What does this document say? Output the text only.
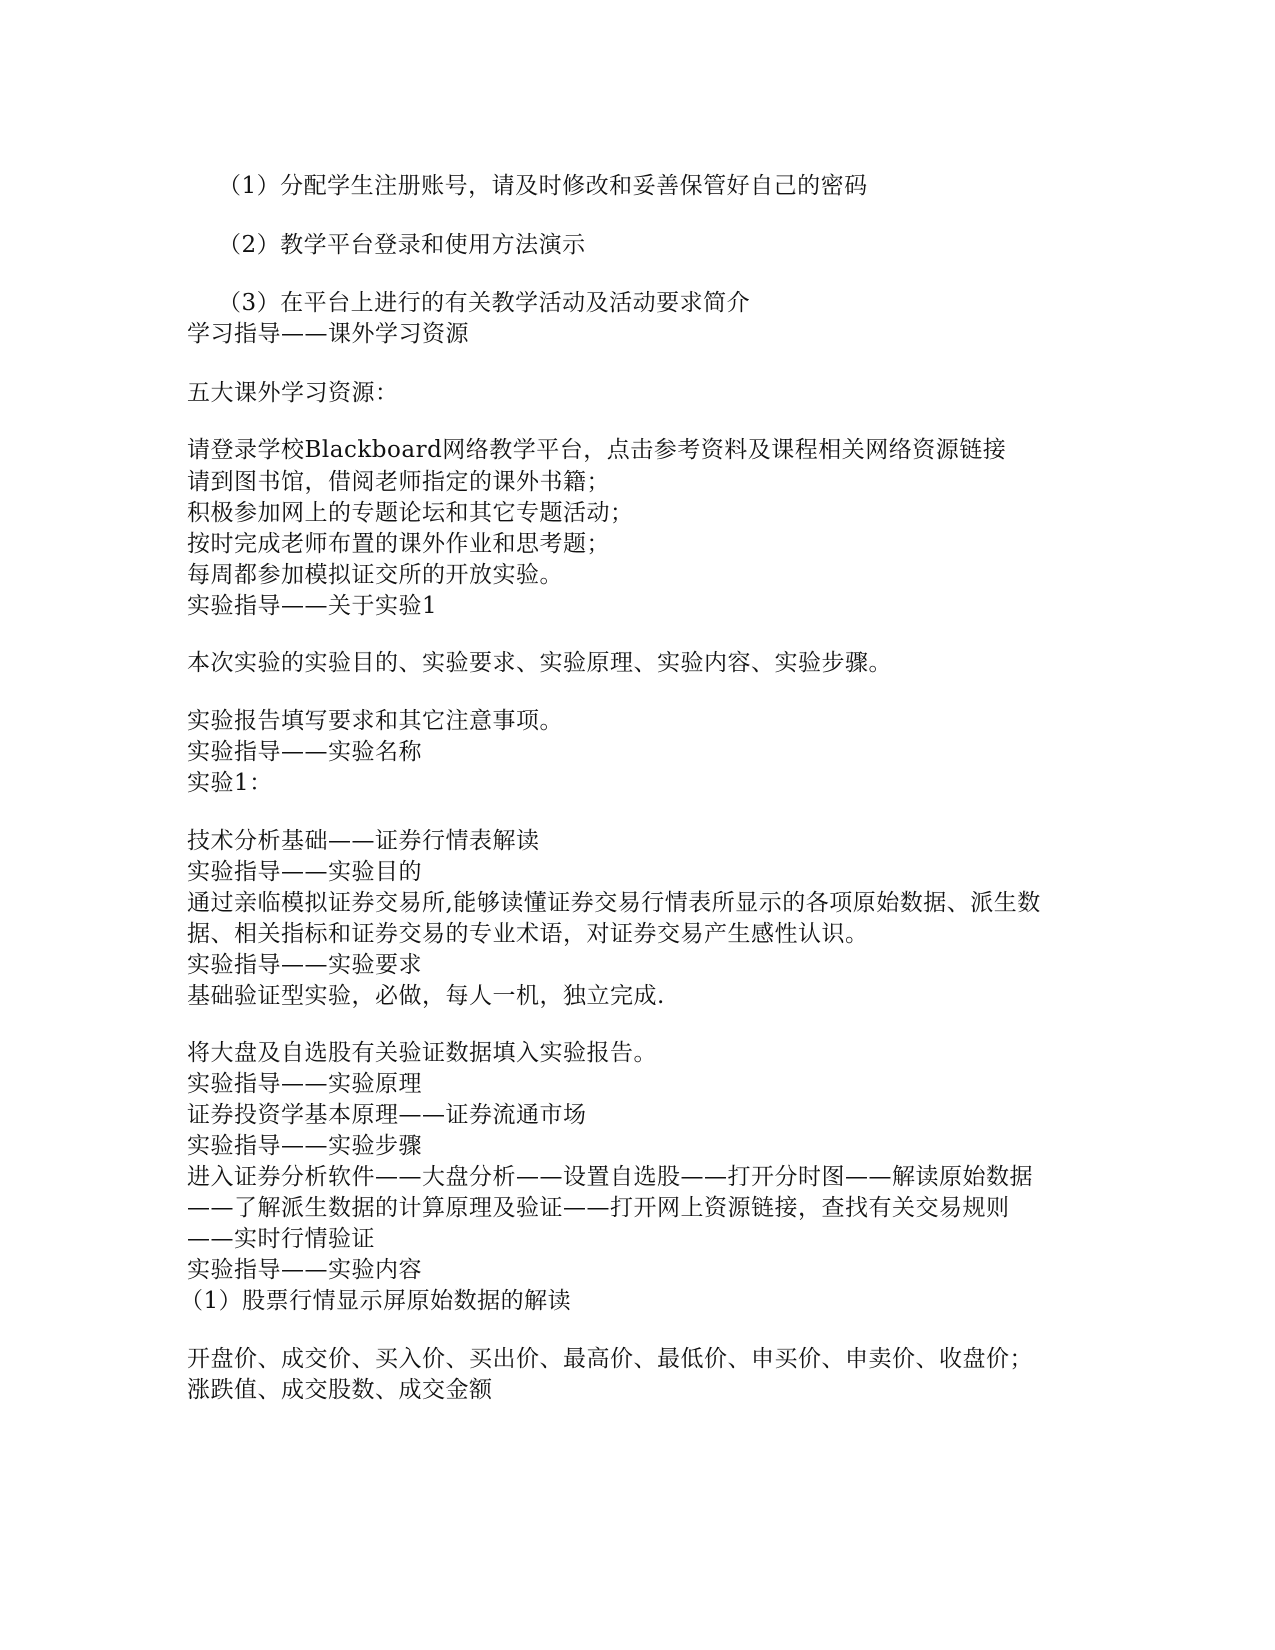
（1）分配学生注册账号，请及时修改和妥善保管好自己的密码
（2）教学平台登录和使用方法演示
（3）在平台上进行的有关教学活动及活动要求简介
学习指导——课外学习资源
五大课外学习资源：
请登录学校Blackboard网络教学平台，点击参考资料及课程相关网络资源链接
请到图书馆，借阅老师指定的课外书籍；
积极参加网上的专题论坛和其它专题活动；
按时完成老师布置的课外作业和思考题；
每周都参加模拟证交所的开放实验。
实验指导——关于实验1
本次实验的实验目的、实验要求、实验原理、实验内容、实验步骤。
实验报告填写要求和其它注意事项。
实验指导——实验名称
实验1：
技术分析基础——证券行情表解读
实验指导——实验目的
通过亲临模拟证券交易所,能够读懂证券交易行情表所显示的各项原始数据、派生数
据、相关指标和证券交易的专业术语，对证券交易产生感性认识。
实验指导——实验要求
基础验证型实验，必做，每人一机，独立完成.
将大盘及自选股有关验证数据填入实验报告。
实验指导——实验原理
证券投资学基本原理——证券流通市场
实验指导——实验步骤
进入证券分析软件——大盘分析——设置自选股——打开分时图——解读原始数据
——了解派生数据的计算原理及验证——打开网上资源链接，查找有关交易规则
——实时行情验证
实验指导——实验内容
（1）股票行情显示屏原始数据的解读
开盘价、成交价、买入价、买出价、最高价、最低价、申买价、申卖价、收盘价；
涨跌值、成交股数、成交金额
